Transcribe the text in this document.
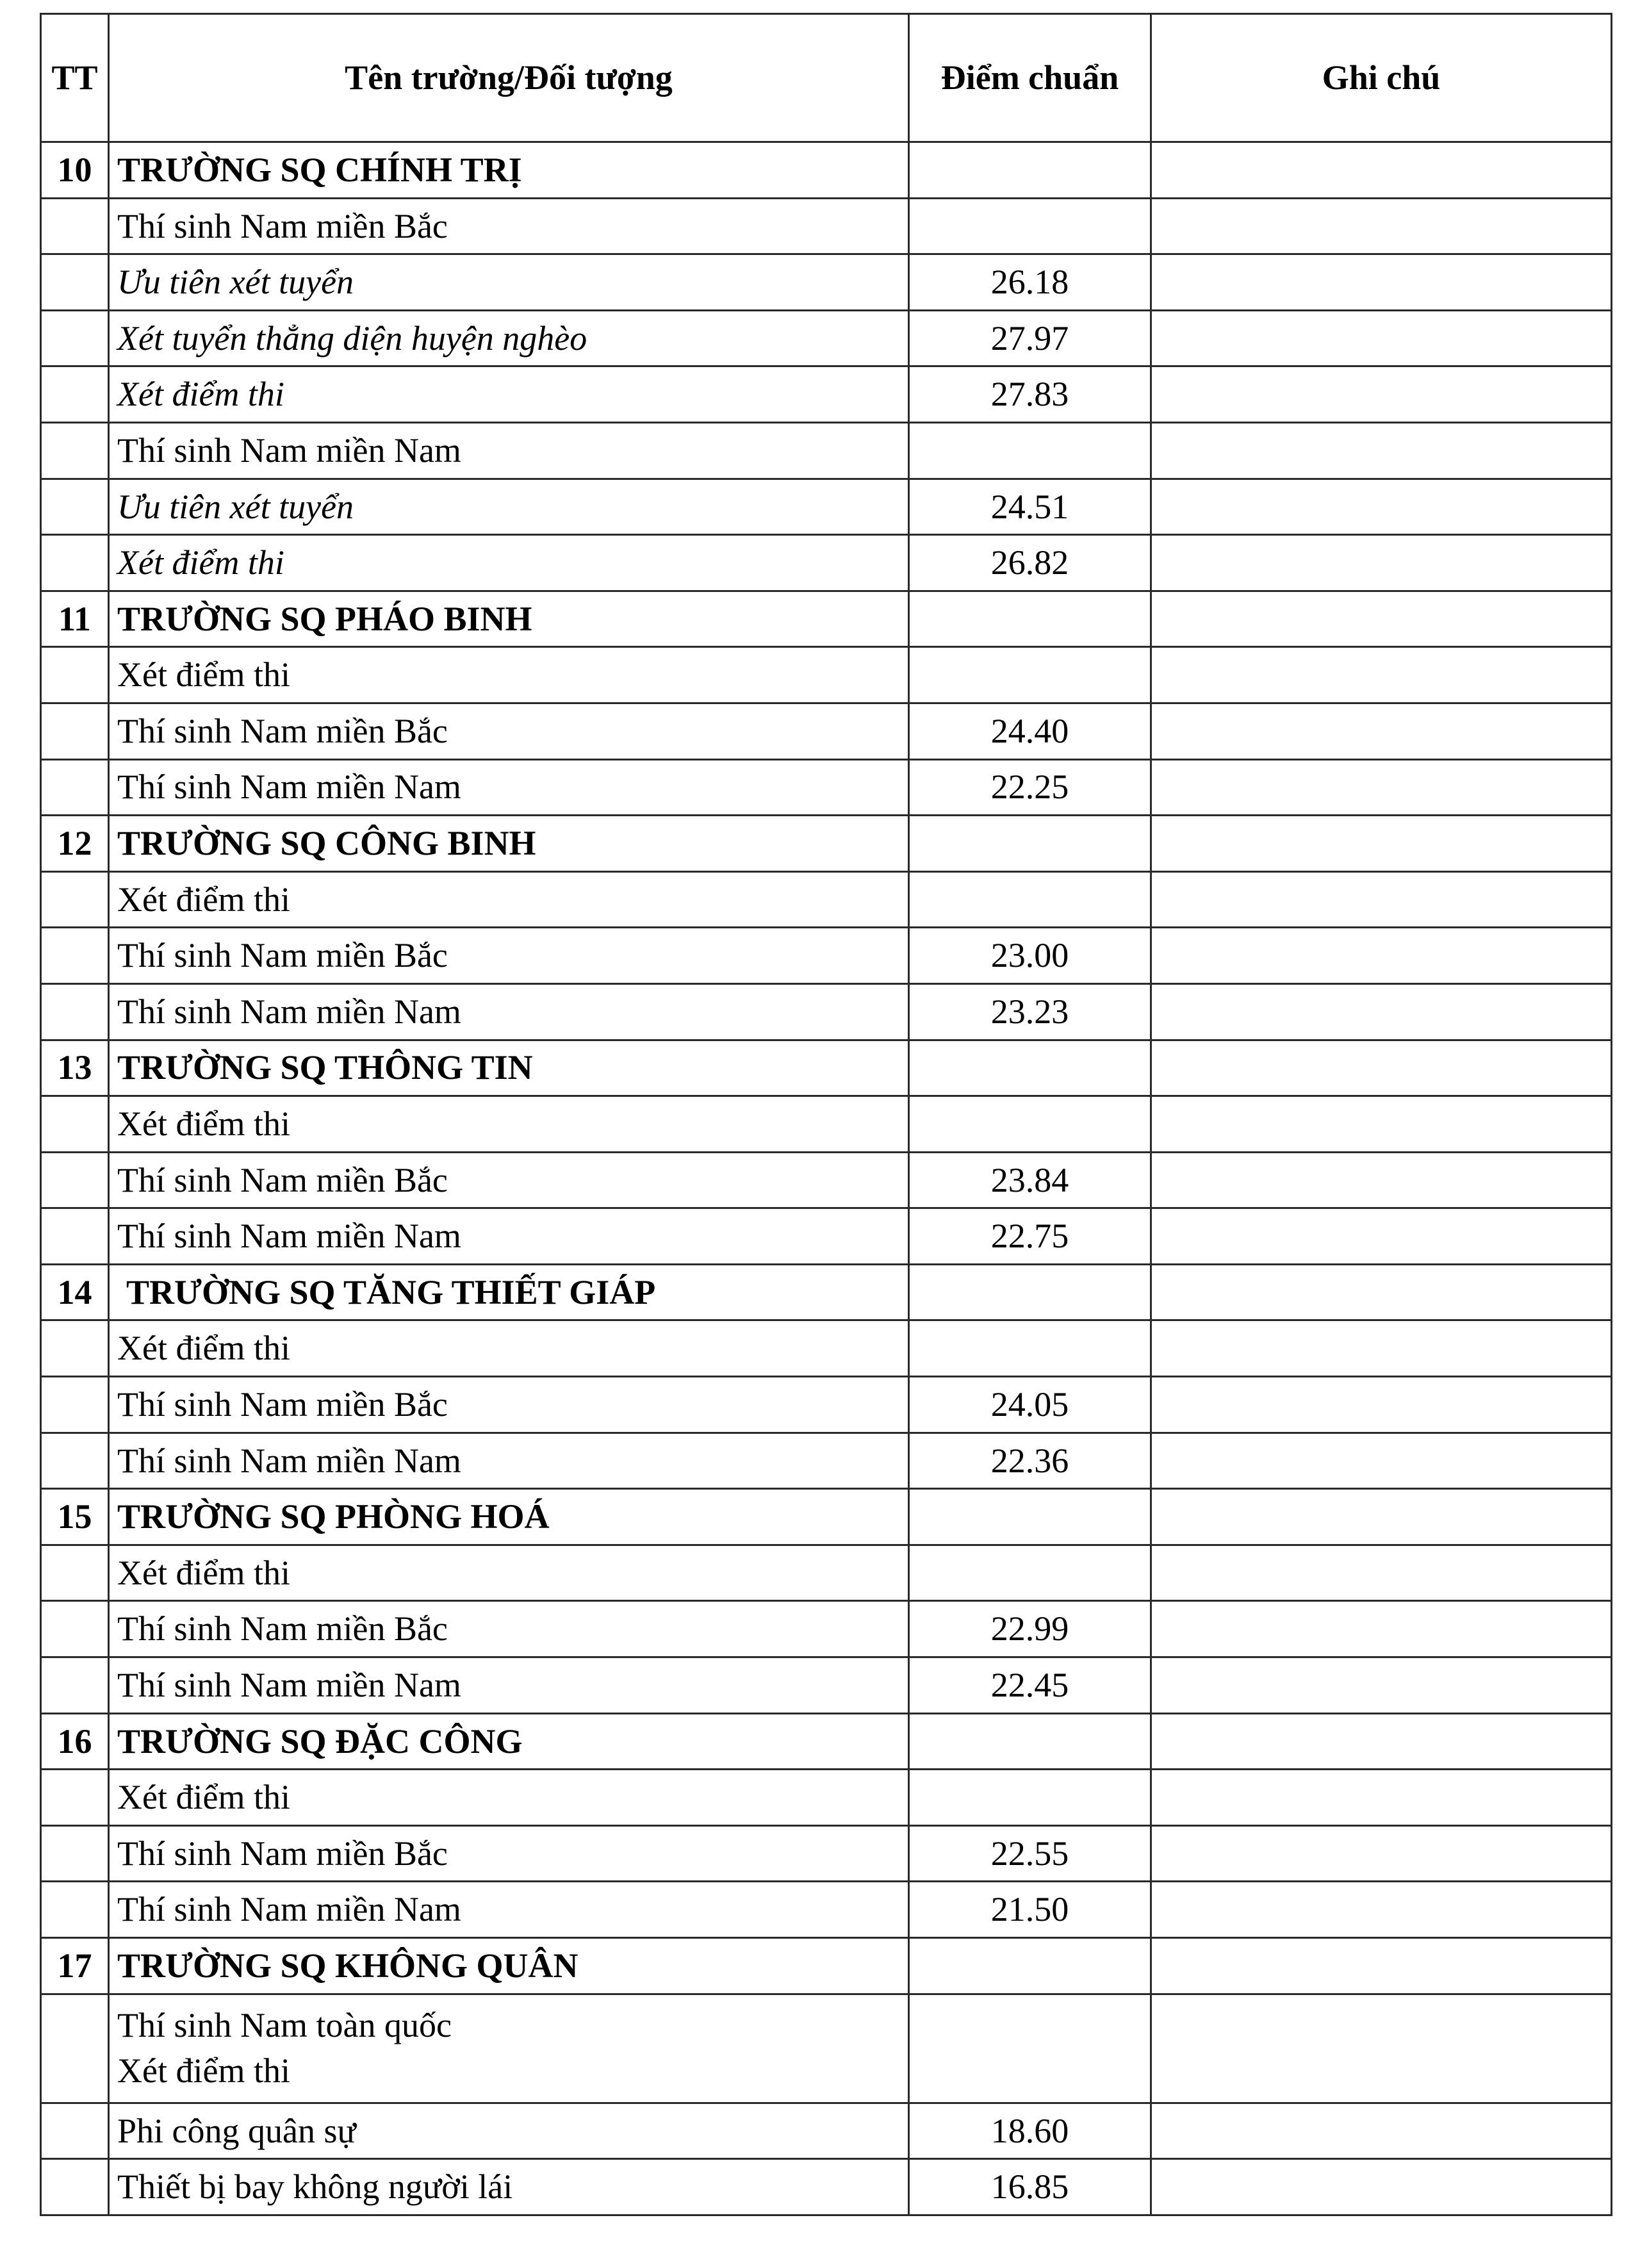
TT	Tên trường/Đối tượng	Điểm chuẩn	Ghi chú
10	TRƯỜNG SQ CHÍNH TRỊ		
	Thí sinh Nam miền Bắc		
	Ưu tiên xét tuyển	26.18	
	Xét tuyển thẳng diện huyện nghèo	27.97	
	Xét điểm thi	27.83	
	Thí sinh Nam miền Nam		
	Ưu tiên xét tuyển	24.51	
	Xét điểm thi	26.82	
11	TRƯỜNG SQ PHÁO BINH		
	Xét điểm thi		
	Thí sinh Nam miền Bắc	24.40	
	Thí sinh Nam miền Nam	22.25	
12	TRƯỜNG SQ CÔNG BINH		
	Xét điểm thi		
	Thí sinh Nam miền Bắc	23.00	
	Thí sinh Nam miền Nam	23.23	
13	TRƯỜNG SQ THÔNG TIN		
	Xét điểm thi		
	Thí sinh Nam miền Bắc	23.84	
	Thí sinh Nam miền Nam	22.75	
14	TRƯỜNG SQ TĂNG THIẾT GIÁP		
	Xét điểm thi		
	Thí sinh Nam miền Bắc	24.05	
	Thí sinh Nam miền Nam	22.36	
15	TRƯỜNG SQ PHÒNG HOÁ		
	Xét điểm thi		
	Thí sinh Nam miền Bắc	22.99	
	Thí sinh Nam miền Nam	22.45	
16	TRƯỜNG SQ ĐẶC CÔNG		
	Xét điểm thi		
	Thí sinh Nam miền Bắc	22.55	
	Thí sinh Nam miền Nam	21.50	
17	TRƯỜNG SQ KHÔNG QUÂN		

	Thí sinh Nam toàn quốc
Xét điểm thi		

	Phi công quân sự	18.60	
	Thiết bị bay không người lái	16.85	
